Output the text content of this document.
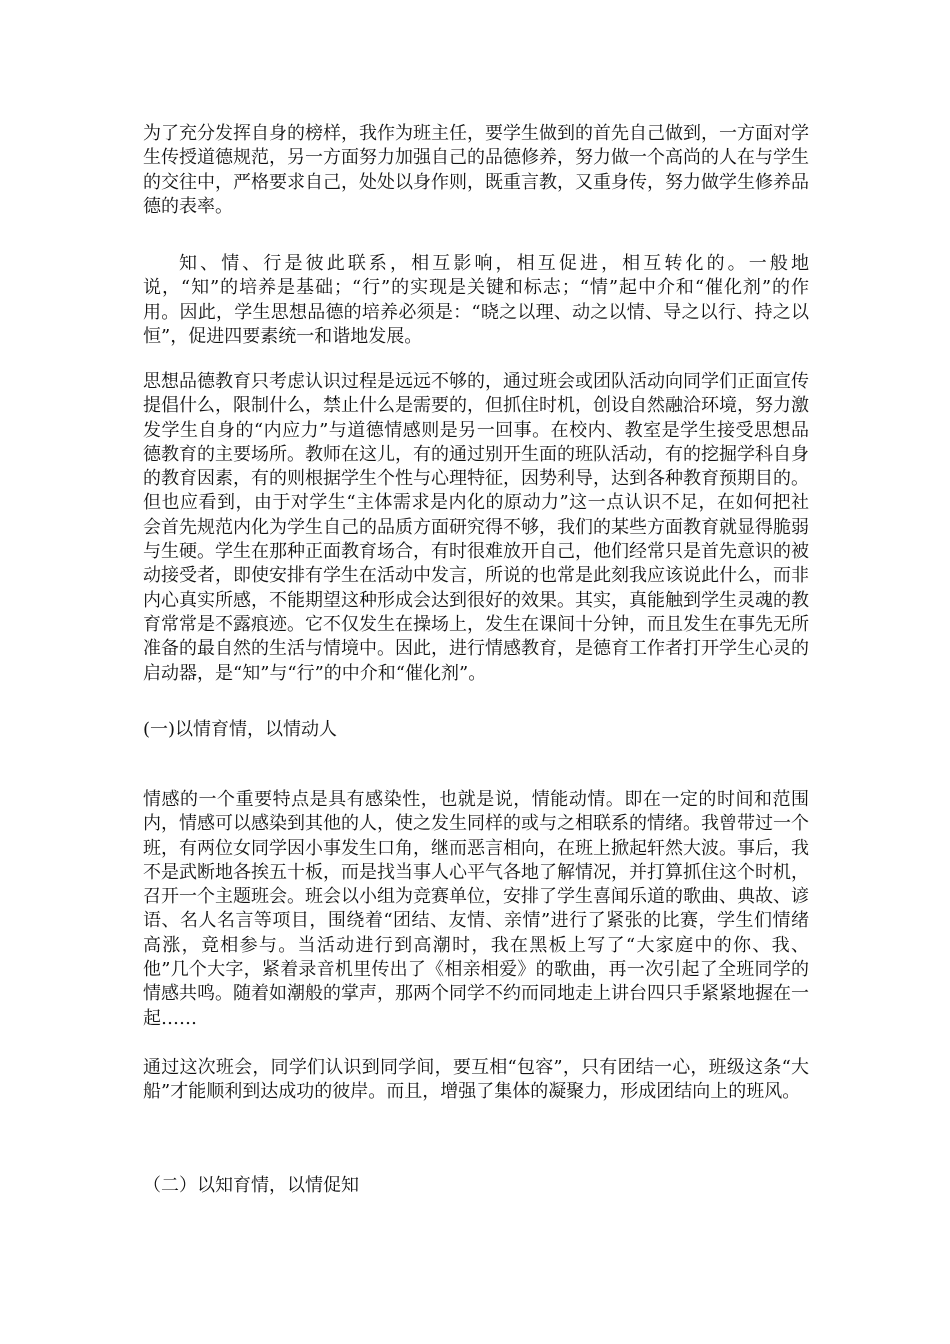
为了充分发挥自身的榜样，我作为班主任，要学生做到的首先自己做到，一方面对学生传授道德规范，另一方面努力加强自己的品德修养，努力做一个高尚的人在与学生的交往中，严格要求自己，处处以身作则，既重言教，又重身传，努力做学生修养品德的表率。

知、情、行是彼此联系，相互影响，相互促进，相互转化的。一般地说，“知”的培养是基础；“行”的实现是关键和标志；“情”起中介和“催化剂”的作用。因此，学生思想品德的培养必须是：“晓之以理、动之以情、导之以行、持之以恒”，促进四要素统一和谐地发展。

思想品德教育只考虑认识过程是远远不够的，通过班会或团队活动向同学们正面宣传提倡什么，限制什么，禁止什么是需要的，但抓住时机，创设自然融洽环境，努力激发学生自身的“内应力”与道德情感则是另一回事。在校内、教室是学生接受思想品德教育的主要场所。教师在这儿，有的通过别开生面的班队活动，有的挖掘学科自身的教育因素，有的则根据学生个性与心理特征，因势利导，达到各种教育预期目的。但也应看到，由于对学生“主体需求是内化的原动力”这一点认识不足，在如何把社会首先规范内化为学生自己的品质方面研究得不够，我们的某些方面教育就显得脆弱与生硬。学生在那种正面教育场合，有时很难放开自己，他们经常只是首先意识的被动接受者，即使安排有学生在活动中发言，所说的也常是此刻我应该说此什么，而非内心真实所感，不能期望这种形成会达到很好的效果。其实，真能触到学生灵魂的教育常常是不露痕迹。它不仅发生在操场上，发生在课间十分钟，而且发生在事先无所准备的最自然的生活与情境中。因此，进行情感教育，是德育工作者打开学生心灵的启动器，是“知”与“行”的中介和“催化剂”。

(一)以情育情，以情动人

情感的一个重要特点是具有感染性，也就是说，情能动情。即在一定的时间和范围内，情感可以感染到其他的人，使之发生同样的或与之相联系的情绪。我曾带过一个班，有两位女同学因小事发生口角，继而恶言相向，在班上掀起轩然大波。事后，我不是武断地各挨五十板，而是找当事人心平气各地了解情况，并打算抓住这个时机，召开一个主题班会。班会以小组为竞赛单位，安排了学生喜闻乐道的歌曲、典故、谚语、名人名言等项目，围绕着“团结、友情、亲情”进行了紧张的比赛，学生们情绪高涨，竟相参与。当活动进行到高潮时，我在黑板上写了“大家庭中的你、我、他”几个大字，紧着录音机里传出了《相亲相爱》的歌曲，再一次引起了全班同学的情感共鸣。随着如潮般的掌声，那两个同学不约而同地走上讲台四只手紧紧地握在一起……

通过这次班会，同学们认识到同学间，要互相“包容”，只有团结一心，班级这条“大船”才能顺利到达成功的彼岸。而且，增强了集体的凝聚力，形成团结向上的班风。

（二）以知育情，以情促知
